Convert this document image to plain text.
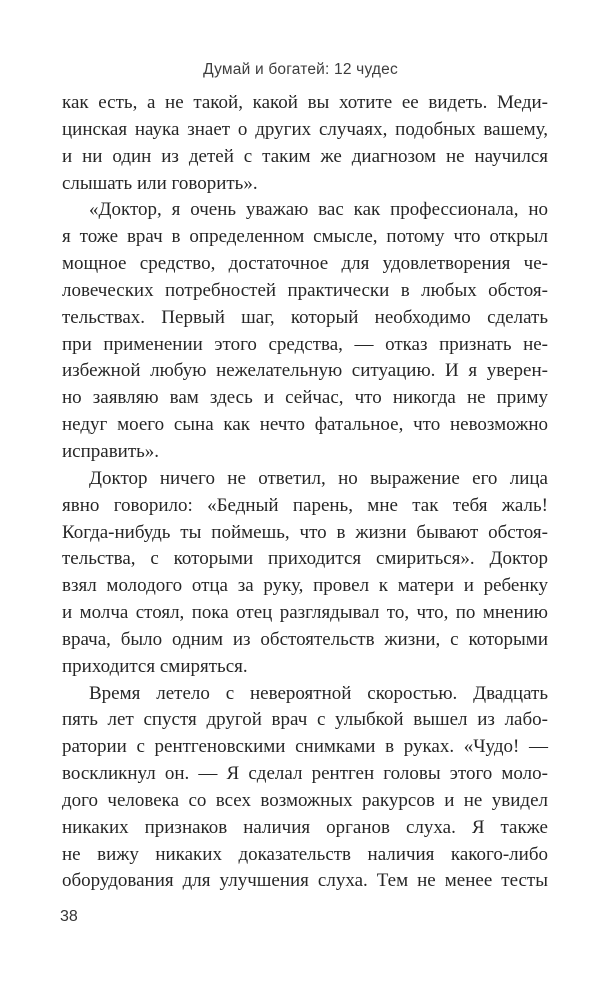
Думай и богатей: 12 чудес
как есть, а не такой, какой вы хотите ее видеть. Меди-
цинская наука знает о других случаях, подобных вашему,
и ни один из детей с таким же диагнозом не научился
слышать или говорить».
«Доктор, я очень уважаю вас как профессионала, но
я тоже врач в определенном смысле, потому что открыл
мощное средство, достаточное для удовлетворения че-
ловеческих потребностей практически в любых обстоя-
тельствах. Первый шаг, который необходимо сделать
при применении этого средства, — отказ признать не-
избежной любую нежелательную ситуацию. И я уверен-
но заявляю вам здесь и сейчас, что никогда не приму
недуг моего сына как нечто фатальное, что невозможно
исправить».
Доктор ничего не ответил, но выражение его лица
явно говорило: «Бедный парень, мне так тебя жаль!
Когда-нибудь ты поймешь, что в жизни бывают обстоя-
тельства, с которыми приходится смириться». Доктор
взял молодого отца за руку, провел к матери и ребенку
и молча стоял, пока отец разглядывал то, что, по мнению
врача, было одним из обстоятельств жизни, с которыми
приходится смиряться.
Время летело с невероятной скоростью. Двадцать
пять лет спустя другой врач с улыбкой вышел из лабо-
ратории с рентгеновскими снимками в руках. «Чудо! —
воскликнул он. — Я сделал рентген головы этого моло-
дого человека со всех возможных ракурсов и не увидел
никаких признаков наличия органов слуха. Я также
не вижу никаких доказательств наличия какого-либо
оборудования для улучшения слуха. Тем не менее тесты
38
